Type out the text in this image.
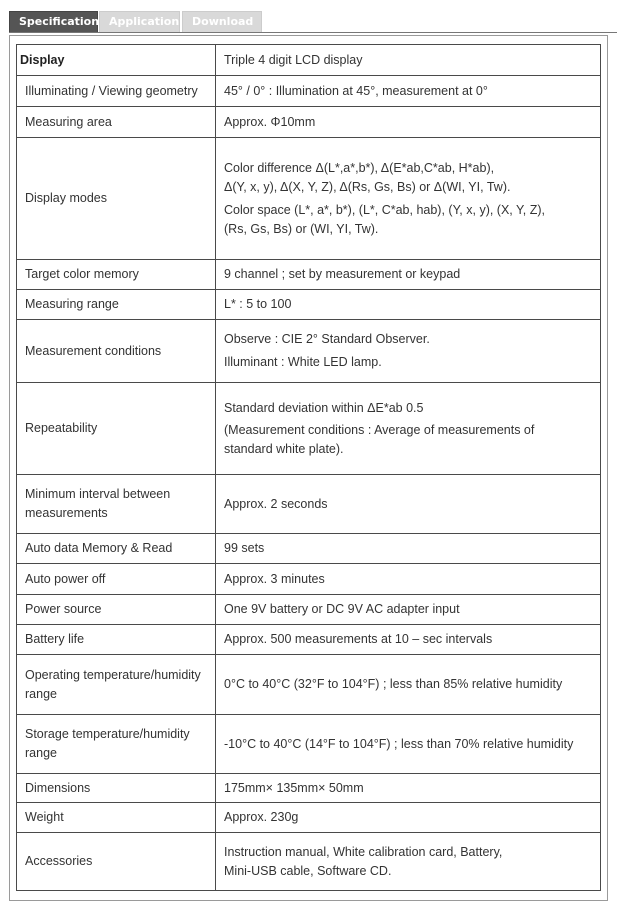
Specification Application	Download
Display	Triple 4 digit LCD display
Illuminating / Viewing geometry	45° / 0° : Illumination at 45°, measurement at 0°
Measuring area	Approx. Φ10mm
Display modes	Color difference Δ(L*,a*,b*), Δ(E*ab,C*ab, H*ab),
Δ(Y, x, y), Δ(X, Y, Z), Δ(Rs, Gs, Bs) or Δ(WI, YI, Tw).
Color space (L*, a*, b*), (L*, C*ab, hab), (Y, x, y), (X, Y, Z),
(Rs, Gs, Bs) or (WI, YI, Tw).

Target color memory	9 channel ; set by measurement or keypad
Measuring range	L* : 5 to 100
Measurement conditions	Observe : CIE 2° Standard Observer.
Illuminant : White LED lamp.

Repeatability	Standard deviation within ΔE*ab 0.5
(Measurement conditions : Average of measurements of
standard white plate).

Minimum interval between
measurements	Approx. 2 seconds
Auto data Memory & Read	99 sets
Auto power off	Approx. 3 minutes
Power source	One 9V battery or DC 9V AC adapter input
Battery life	Approx. 500 measurements at 10 – sec intervals

Operating temperature/humidity
range	0°C to 40°C (32°F to 104°F) ; less than 85% relative humidity

Storage temperature/humidity
range	-10°C to 40°C (14°F to 104°F) ; less than 70% relative humidity
Dimensions	175mm× 135mm× 50mm
Weight	Approx. 230g
Accessories	Instruction manual, White calibration card, Battery,
Mini-USB cable, Software CD.
